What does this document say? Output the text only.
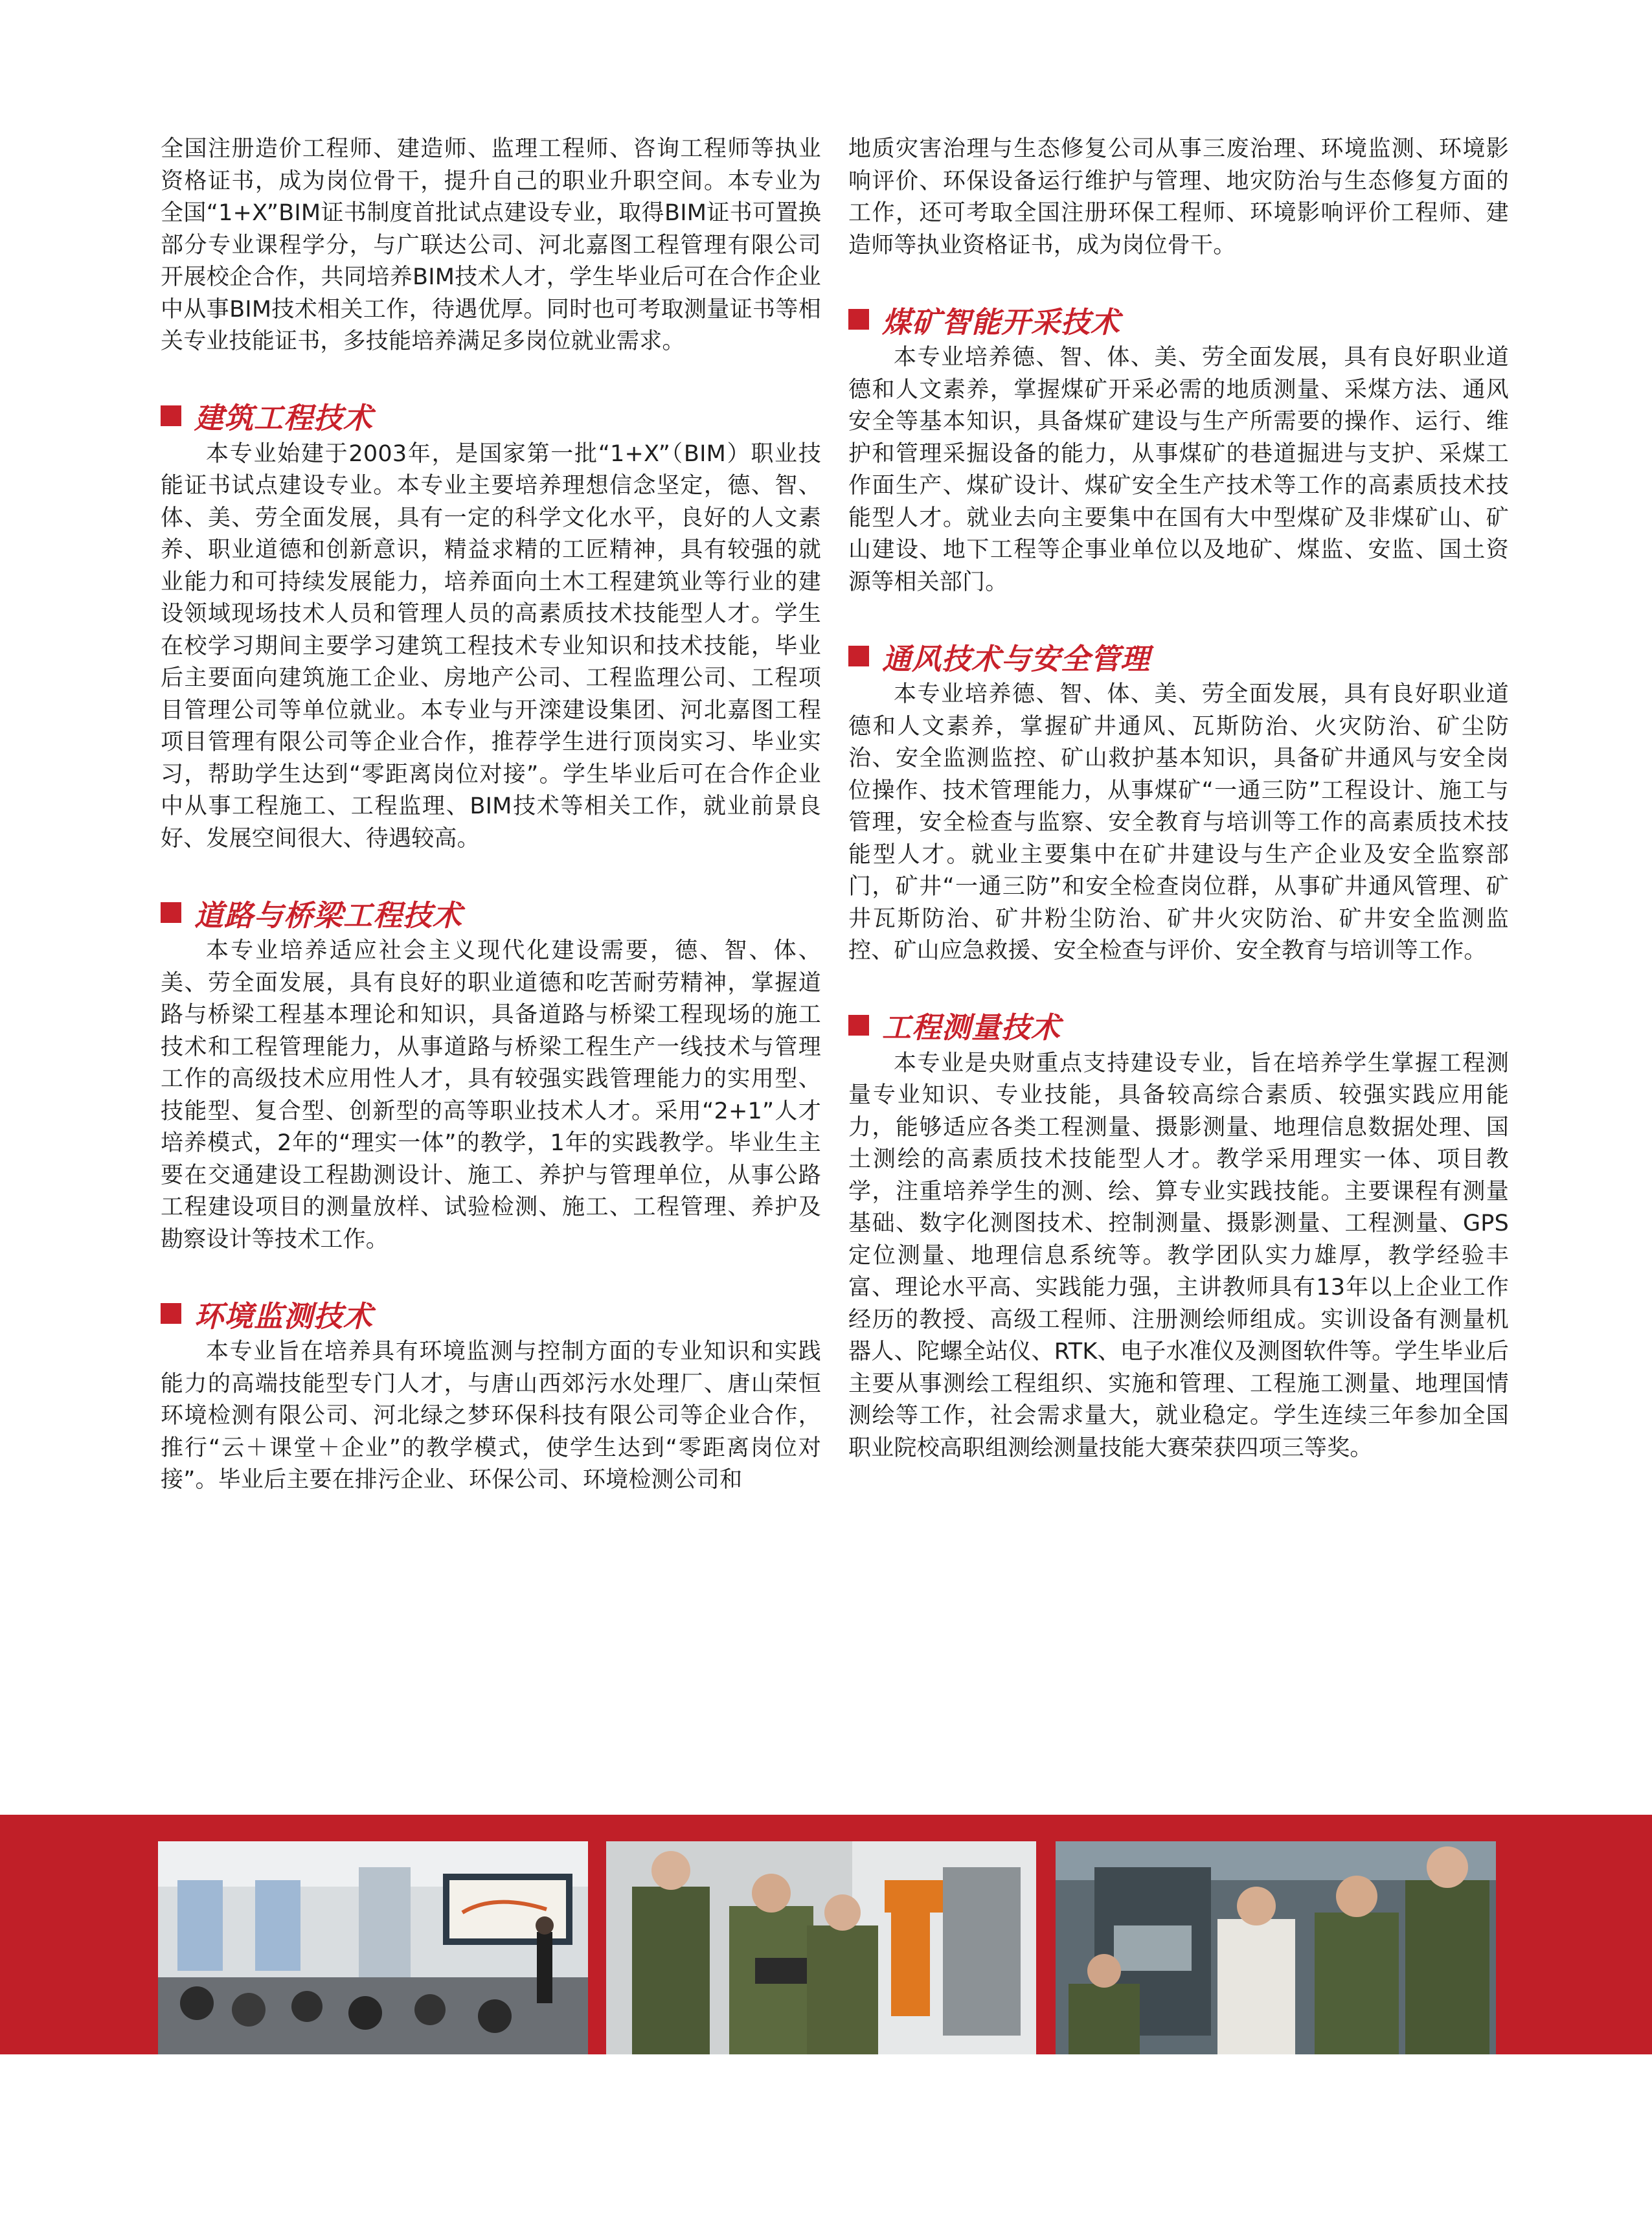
全国注册造价工程师、建造师、监理工程师、咨询工程师等执业资格证书，成为岗位骨干，提升自己的职业升职空间。本专业为全国“1+X”BIM证书制度首批试点建设专业，取得BIM证书可置换部分专业课程学分，与广联达公司、河北嘉图工程管理有限公司开展校企合作，共同培养BIM技术人才，学生毕业后可在合作企业中从事BIM技术相关工作，待遇优厚。同时也可考取测量证书等相关专业技能证书，多技能培养满足多岗位就业需求。

建筑工程技术

本专业始建于2003年，是国家第一批“1+X”（BIM）职业技能证书试点建设专业。本专业主要培养理想信念坚定，德、智、体、美、劳全面发展，具有一定的科学文化水平，良好的人文素养、职业道德和创新意识，精益求精的工匠精神，具有较强的就业能力和可持续发展能力，培养面向土木工程建筑业等行业的建设领域现场技术人员和管理人员的高素质技术技能型人才。学生在校学习期间主要学习建筑工程技术专业知识和技术技能，毕业后主要面向建筑施工企业、房地产公司、工程监理公司、工程项目管理公司等单位就业。本专业与开滦建设集团、河北嘉图工程项目管理有限公司等企业合作，推荐学生进行顶岗实习、毕业实习，帮助学生达到“零距离岗位对接”。学生毕业后可在合作企业中从事工程施工、工程监理、BIM技术等相关工作，就业前景良好、发展空间很大、待遇较高。

道路与桥梁工程技术

本专业培养适应社会主义现代化建设需要，德、智、体、美、劳全面发展，具有良好的职业道德和吃苦耐劳精神，掌握道路与桥梁工程基本理论和知识，具备道路与桥梁工程现场的施工技术和工程管理能力，从事道路与桥梁工程生产一线技术与管理工作的高级技术应用性人才，具有较强实践管理能力的实用型、技能型、复合型、创新型的高等职业技术人才。采用“2+1”人才培养模式，2年的“理实一体”的教学，1年的实践教学。毕业生主要在交通建设工程勘测设计、施工、养护与管理单位，从事公路工程建设项目的测量放样、试验检测、施工、工程管理、养护及勘察设计等技术工作。

环境监测技术

本专业旨在培养具有环境监测与控制方面的专业知识和实践能力的高端技能型专门人才，与唐山西郊污水处理厂、唐山荣恒环境检测有限公司、河北绿之梦环保科技有限公司等企业合作，推行“云＋课堂＋企业”的教学模式，使学生达到“零距离岗位对接”。毕业后主要在排污企业、环保公司、环境检测公司和

地质灾害治理与生态修复公司从事三废治理、环境监测、环境影响评价、环保设备运行维护与管理、地灾防治与生态修复方面的工作，还可考取全国注册环保工程师、环境影响评价工程师、建造师等执业资格证书，成为岗位骨干。

煤矿智能开采技术

本专业培养德、智、体、美、劳全面发展，具有良好职业道德和人文素养，掌握煤矿开采必需的地质测量、采煤方法、通风安全等基本知识，具备煤矿建设与生产所需要的操作、运行、维护和管理采掘设备的能力，从事煤矿的巷道掘进与支护、采煤工作面生产、煤矿设计、煤矿安全生产技术等工作的高素质技术技能型人才。就业去向主要集中在国有大中型煤矿及非煤矿山、矿山建设、地下工程等企事业单位以及地矿、煤监、安监、国土资源等相关部门。

通风技术与安全管理

本专业培养德、智、体、美、劳全面发展，具有良好职业道德和人文素养，掌握矿井通风、瓦斯防治、火灾防治、矿尘防治、安全监测监控、矿山救护基本知识，具备矿井通风与安全岗位操作、技术管理能力，从事煤矿“一通三防”工程设计、施工与管理，安全检查与监察、安全教育与培训等工作的高素质技术技能型人才。就业主要集中在矿井建设与生产企业及安全监察部门，矿井“一通三防”和安全检查岗位群，从事矿井通风管理、矿井瓦斯防治、矿井粉尘防治、矿井火灾防治、矿井安全监测监控、矿山应急救援、安全检查与评价、安全教育与培训等工作。

工程测量技术

本专业是央财重点支持建设专业，旨在培养学生掌握工程测量专业知识、专业技能，具备较高综合素质、较强实践应用能力，能够适应各类工程测量、摄影测量、地理信息数据处理、国土测绘的高素质技术技能型人才。教学采用理实一体、项目教学，注重培养学生的测、绘、算专业实践技能。主要课程有测量基础、数字化测图技术、控制测量、摄影测量、工程测量、GPS定位测量、地理信息系统等。教学团队实力雄厚，教学经验丰富、理论水平高、实践能力强，主讲教师具有13年以上企业工作经历的教授、高级工程师、注册测绘师组成。实训设备有测量机器人、陀螺全站仪、RTK、电子水准仪及测图软件等。学生毕业后主要从事测绘工程组织、实施和管理、工程施工测量、地理国情测绘等工作，社会需求量大，就业稳定。学生连续三年参加全国职业院校高职组测绘测量技能大赛荣获四项三等奖。
